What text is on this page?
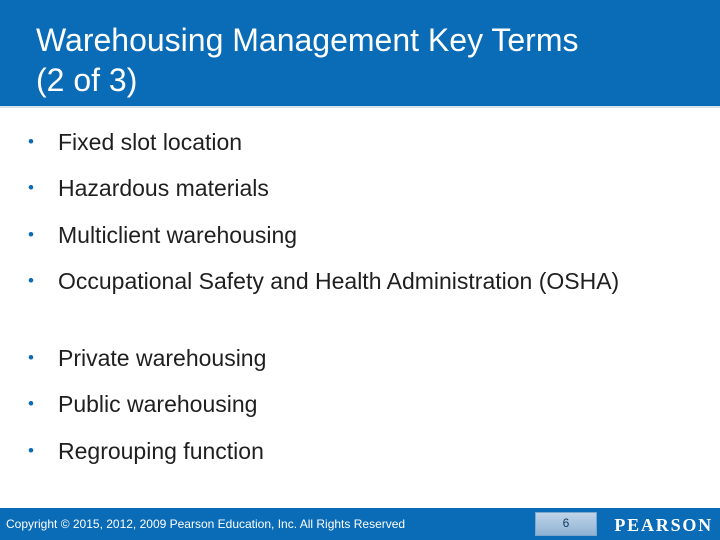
Warehousing Management Key Terms
(2 of 3)
•	Fixed slot location
•	Hazardous materials
•	Multiclient warehousing
•	Occupational Safety and Health Administration (OSHA)
•	Private warehousing
•	Public warehousing
•	Regrouping function
Copyright © 2015, 2012, 2009 Pearson Education, Inc. All Rights Reserved	6	PEARSON
